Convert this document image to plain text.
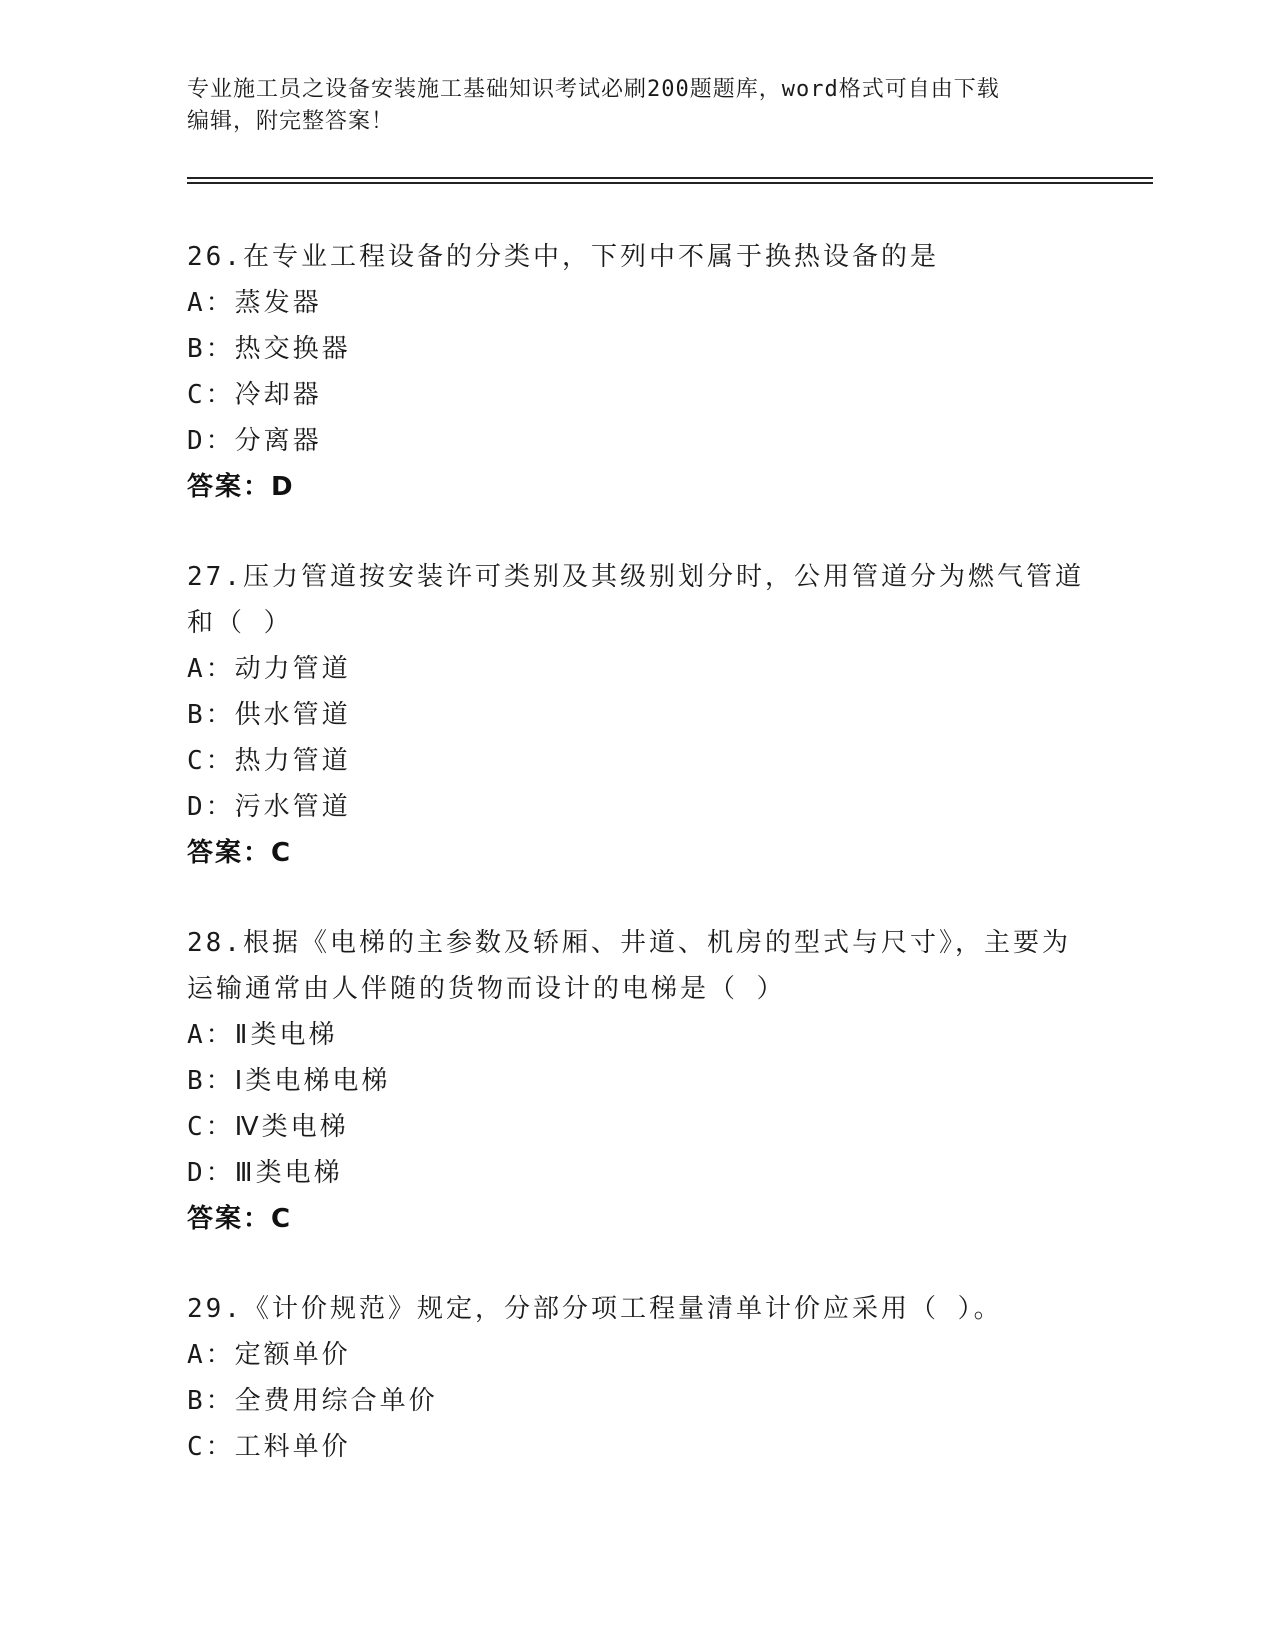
专业施工员之设备安装施工基础知识考试必刷200题题库，word格式可自由下载
编辑，附完整答案！
26.在专业工程设备的分类中，下列中不属于换热设备的是
A：蒸发器
B：热交换器
C：冷却器
D：分离器
答案：D
27.压力管道按安装许可类别及其级别划分时，公用管道分为燃气管道
和（ ）
A：动力管道
B：供水管道
C：热力管道
D：污水管道
答案：C
28.根据《电梯的主参数及轿厢、井道、机房的型式与尺寸》，主要为
运输通常由人伴随的货物而设计的电梯是（ ）
A：Ⅱ类电梯
B：Ⅰ类电梯电梯
C：Ⅳ类电梯
D：Ⅲ类电梯
答案：C
29.《计价规范》规定，分部分项工程量清单计价应采用（ ）。
A：定额单价
B：全费用综合单价
C：工料单价
